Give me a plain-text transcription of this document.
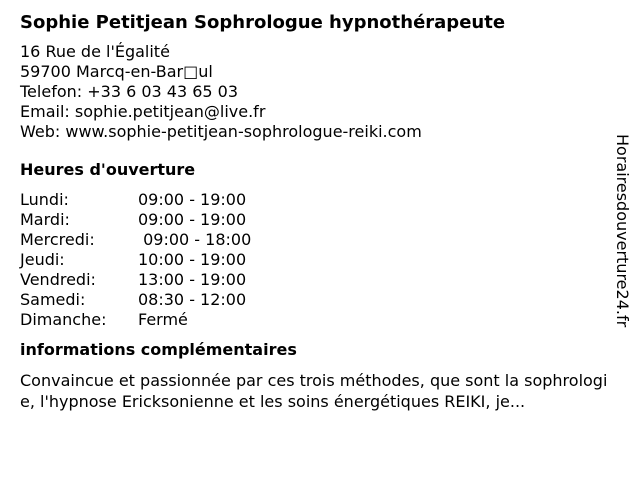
Sophie Petitjean Sophrologue hypnothérapeute
16 Rue de l'Égalité
59700 Marcq-en-Bar□ul
Telefon: +33 6 03 43 65 03
Email: sophie.petitjean@live.fr
Web: www.sophie-petitjean-sophrologue-reiki.com
Heures d'ouverture
Lundi:	09:00 - 19:00
Mardi:	09:00 - 19:00
Mercredi:	09:00 - 18:00
Jeudi:	10:00 - 19:00
Vendredi:	13:00 - 19:00
Samedi:	08:30 - 12:00
Dimanche:	Fermé
informations complémentaires
Convaincue et passionnée par ces trois méthodes, que sont la sophrologie, l'hypnose Ericksonienne et les soins énergétiques REIKI, je...
Horairesdouverture24.fr
